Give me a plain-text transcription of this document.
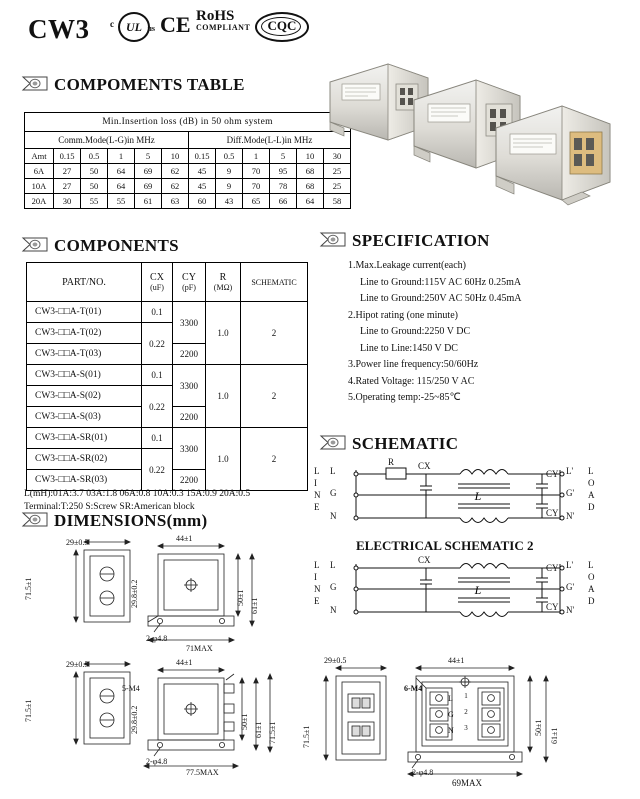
CW3 c	UL us CE RoHS
COMPLIANT	CQC
COMPOMENTS TABLE
Min.Insertion loss (dB) in 50 ohm system											
Comm.Mode(L-G)in MHz						Diff.Mode(L-L)in MHz					
Amt	0.15	0.5	1	5	10	0.15	0.5	1	5	10	30
6A	27	50	64	69	62	45	9	70	95	68	25
10A	27	50	64	69	62	45	9	70	78	68	25
20A	30	55	55	61	63	60	43	65	66	64	58
COMPONENTS
PART/NO.	CX
(uF)

CY
(pF)

R
(MΩ)
	SCHEMATIC
CW3-□□A-T(01)	0.1	3300	1.0	2
CW3-□□A-T(02)	0.22			
CW3-□□A-T(03)		2200		
CW3-□□A-S(01)	0.1	3300	1.0	2
CW3-□□A-S(02)	0.22			
CW3-□□A-S(03)		2200		
CW3-□□A-SR(01)	0.1	3300	1.0	2
CW3-□□A-SR(02)	0.22			
CW3-□□A-SR(03)		2200		
L(mH):01A:3.7 03A:1.8 06A:0.8 10A:0.3 15A:0.9 20A:0.5
Terminal:T:250 S:Screw SR:American block
SPECIFICATION
1.Max.Leakage current(each)
Line to Ground:115V AC 60Hz 0.25mA
Line to Ground:250V AC 50Hz 0.45mA
2.Hipot rating (one minute)
Line to Ground:2250 V DC
Line to Line:1450 V DC
3.Power line frequency:50/60Hz
4.Rated Voltage: 115/250 V AC
5.Operating temp:-25~85℃
SCHEMATIC
L
L
I
N
E
L
G
N
L'
G'
N'
L
O
A
D
R	CX
CY
CY
ELECTRICAL SCHEMATIC 2
L
L
I
N
E
L
G
N
L'
G'
N'
L
O
A
D
CX
CY
CY
DIMENSIONS(mm)
29±0.5
71.5±1
44±1
29.8±0.2	50±1 61±1
2-φ4.8
71MAX
29±0.5
71.5±1
44±1
5-M4
29.8±0.2	50±1 61±1 71.5±1
2-φ4.8
77.5MAX
29±0.5
71.5±1
1
2
3
44±1
6-M4
50±1 61±1
2-φ4.8
69MAX
L
G
N
